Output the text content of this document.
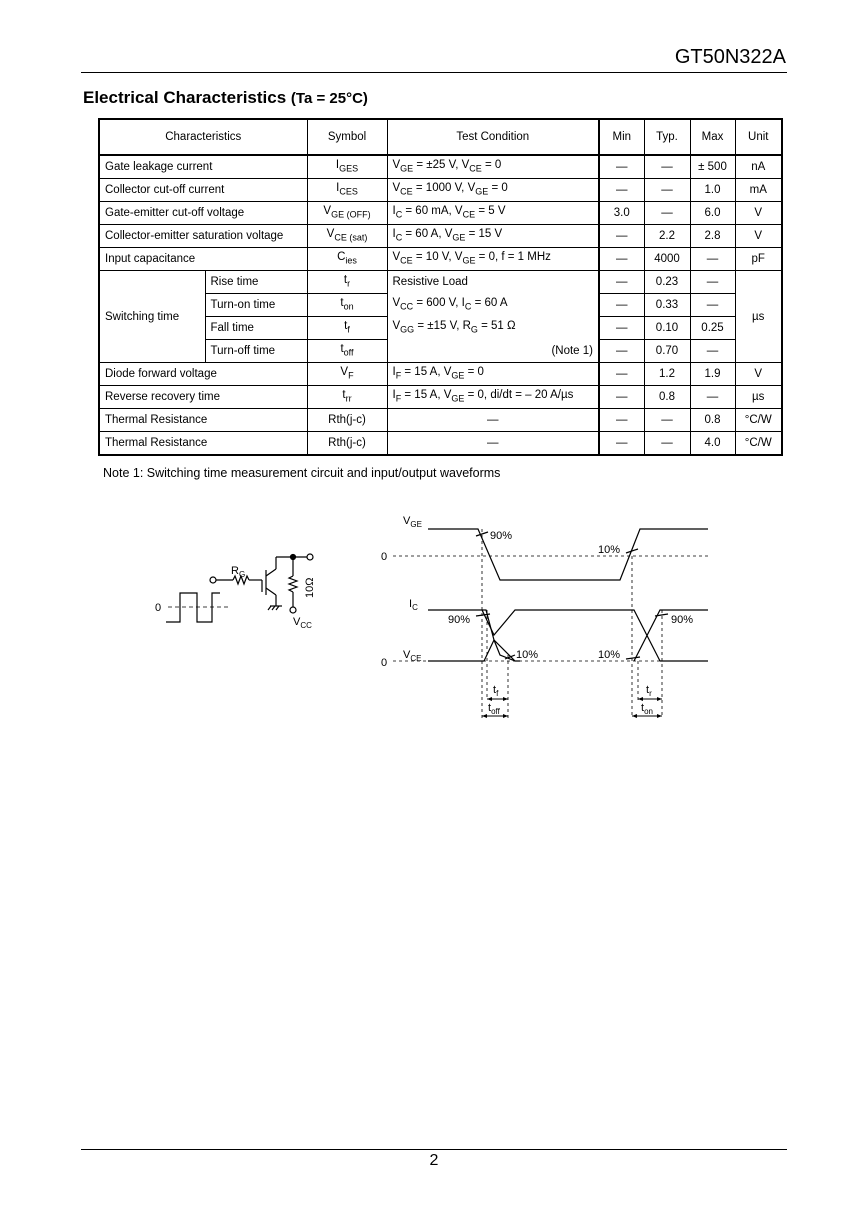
GT50N322A
Electrical Characteristics (Ta = 25°C)
Characteristics		Symbol	Test Condition	Min	Typ.	Max	Unit
Gate leakage current		$I_{GES}$	$V_{GE} = \pm 25$ V, $V_{CE} = 0$	—	—	± 500	nA
Collector cut-off current		$I_{CES}$	$V_{CE} = 1000$ V, $V_{GE} = 0$	—	—	1.0	mA
Gate-emitter cut-off voltage		$V_{GE (OFF)}$	$I_C = 60$ mA, $V_{CE} = 5$ V	3.0	—	6.0	V
Collector-emitter saturation voltage		$V_{CE (sat)}$	$I_C = 60$ A, $V_{GE} = 15$ V	—	2.2	2.8	V
Input capacitance		$C_{ies}$	$V_{CE} = 10$ V, $V_{GE} = 0$, f = 1 MHz	—	4000	—	pF
Switching time	Rise time	$t_r$	Resistive Load	—	0.23	—	µs
	Turn-on time	$t_{on}$	$V_{CC} = 600$ V, $I_C = 60$ A	—	0.33	—	
	Fall time	$t_f$	$V_{GG} = \pm 15$ V, $R_G = 51$ Ω	—	0.10	0.25	
	Turn-off time	$t_{off}$	(Note 1)	—	0.70	—	
Diode forward voltage		$V_F$	$I_F = 15$ A, $V_{GE} = 0$	—	1.2	1.9	V
Reverse recovery time		$t_{rr}$	$I_F = 15$ A, $V_{GE} = 0$, di/dt = – 20 A/µs	—	0.8	—	µs
Thermal Resistance		Rth(j-c)	—	—	—	0.8	°C/W
Thermal Resistance		Rth(j-c)	—	—	—	4.0	°C/W
Note 1: Switching time measurement circuit and input/output waveforms
0
$R_G$
10Ω
$V_{CC}$
$V_{GE}$
0
90%
10%
$I_C$
90%	90%
$V_{CE}$
0
10%	10%
$t_f$
$t_{off}$
$t_r$
$t_{on}$
2
